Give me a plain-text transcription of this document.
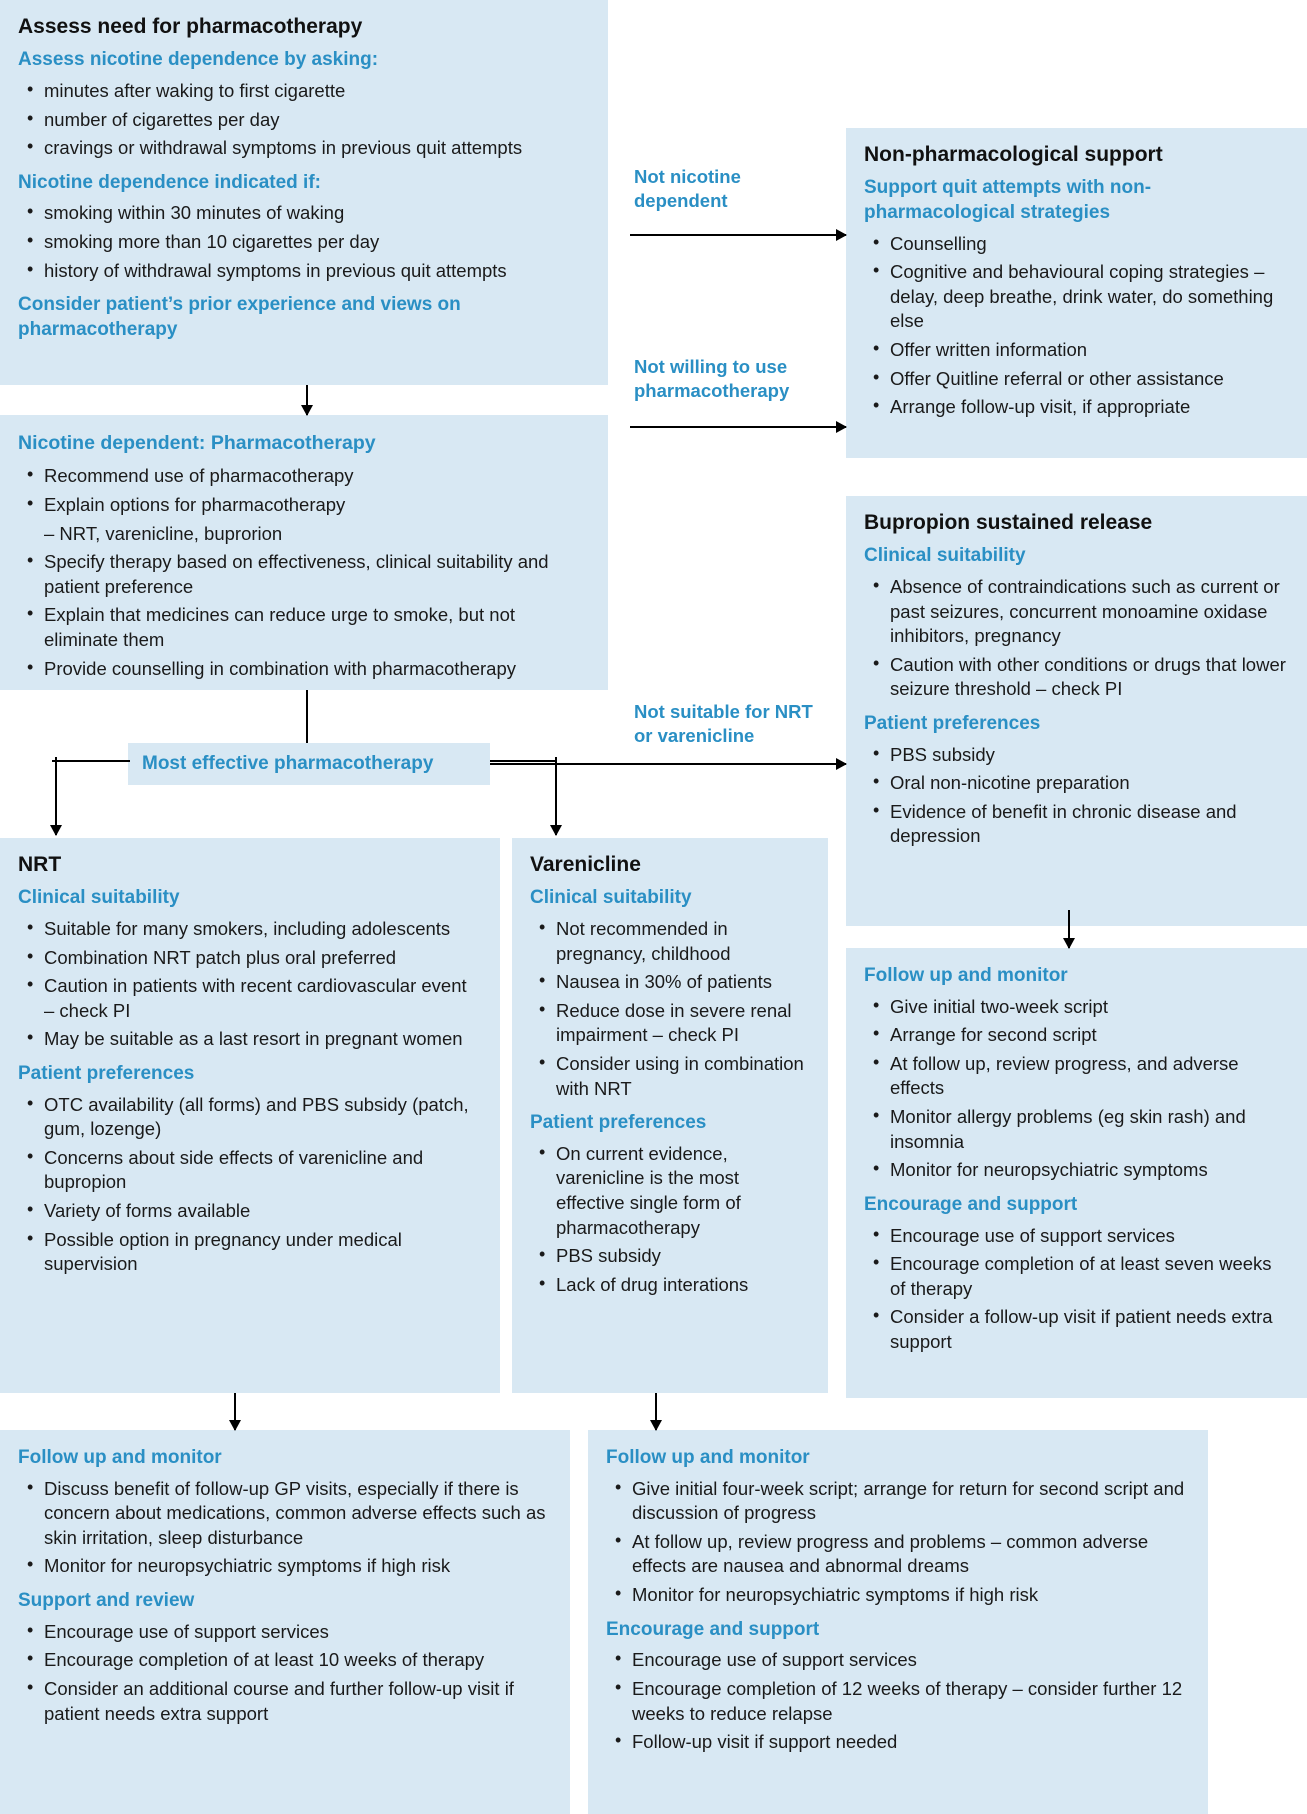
Assess need for pharmacotherapy
Assess nicotine dependence by asking:
• minutes after waking to first cigarette
• number of cigarettes per day
• cravings or withdrawal symptoms in previous quit attempts
Nicotine dependence indicated if:
• smoking within 30 minutes of waking
• smoking more than 10 cigarettes per day
• history of withdrawal symptoms in previous quit attempts
Consider patient’s prior experience and views on pharmacotherapy
Nicotine dependent: Pharmacotherapy
• Recommend use of pharmacotherapy
• Explain options for pharmacotherapy
– NRT, varenicline, buprorion
• Specify therapy based on effectiveness, clinical suitability and patient preference
• Explain that medicines can reduce urge to smoke, but not eliminate them
• Provide counselling in combination with pharmacotherapy
Non-pharmacological support
Support quit attempts with non-pharmacological strategies
• Counselling
• Cognitive and behavioural coping strategies – delay, deep breathe, drink water, do something else
• Offer written information
• Offer Quitline referral or other assistance
• Arrange follow-up visit, if appropriate
Bupropion sustained release
Clinical suitability
• Absence of contraindications such as current or past seizures, concurrent monoamine oxidase inhibitors, pregnancy
• Caution with other conditions or drugs that lower seizure threshold – check PI
Patient preferences
• PBS subsidy
• Oral non-nicotine preparation
• Evidence of benefit in chronic disease and depression
Follow up and monitor
• Give initial two-week script
• Arrange for second script
• At follow up, review progress, and adverse effects
• Monitor allergy problems (eg skin rash) and insomnia
• Monitor for neuropsychiatric symptoms
Encourage and support
• Encourage use of support services
• Encourage completion of at least seven weeks of therapy
• Consider a follow-up visit if patient needs extra support
NRT
Clinical suitability
• Suitable for many smokers, including adolescents
• Combination NRT patch plus oral preferred
• Caution in patients with recent cardiovascular event – check PI
• May be suitable as a last resort in pregnant women
Patient preferences
• OTC availability (all forms) and PBS subsidy (patch, gum, lozenge)
• Concerns about side effects of varenicline and bupropion
• Variety of forms available
• Possible option in pregnancy under medical supervision
Varenicline
Clinical suitability
• Not recommended in pregnancy, childhood
• Nausea in 30% of patients
• Reduce dose in severe renal impairment – check PI
• Consider using in combination with NRT
Patient preferences
• On current evidence, varenicline is the most effective single form of pharmacotherapy
• PBS subsidy
• Lack of drug interations
Follow up and monitor
• Discuss benefit of follow-up GP visits, especially if there is concern about medications, common adverse effects such as skin irritation, sleep disturbance
• Monitor for neuropsychiatric symptoms if high risk
Support and review
• Encourage use of support services
• Encourage completion of at least 10 weeks of therapy
• Consider an additional course and further follow-up visit if patient needs extra support
Follow up and monitor
• Give initial four-week script; arrange for return for second script and discussion of progress
• At follow up, review progress and problems – common adverse effects are nausea and abnormal dreams
• Monitor for neuropsychiatric symptoms if high risk
Encourage and support
• Encourage use of support services
• Encourage completion of 12 weeks of therapy – consider further 12 weeks to reduce relapse
• Follow-up visit if support needed
Not nicotine dependent
Not willing to use pharmacotherapy
Not suitable for NRT or varenicline
Most effective pharmacotherapy
